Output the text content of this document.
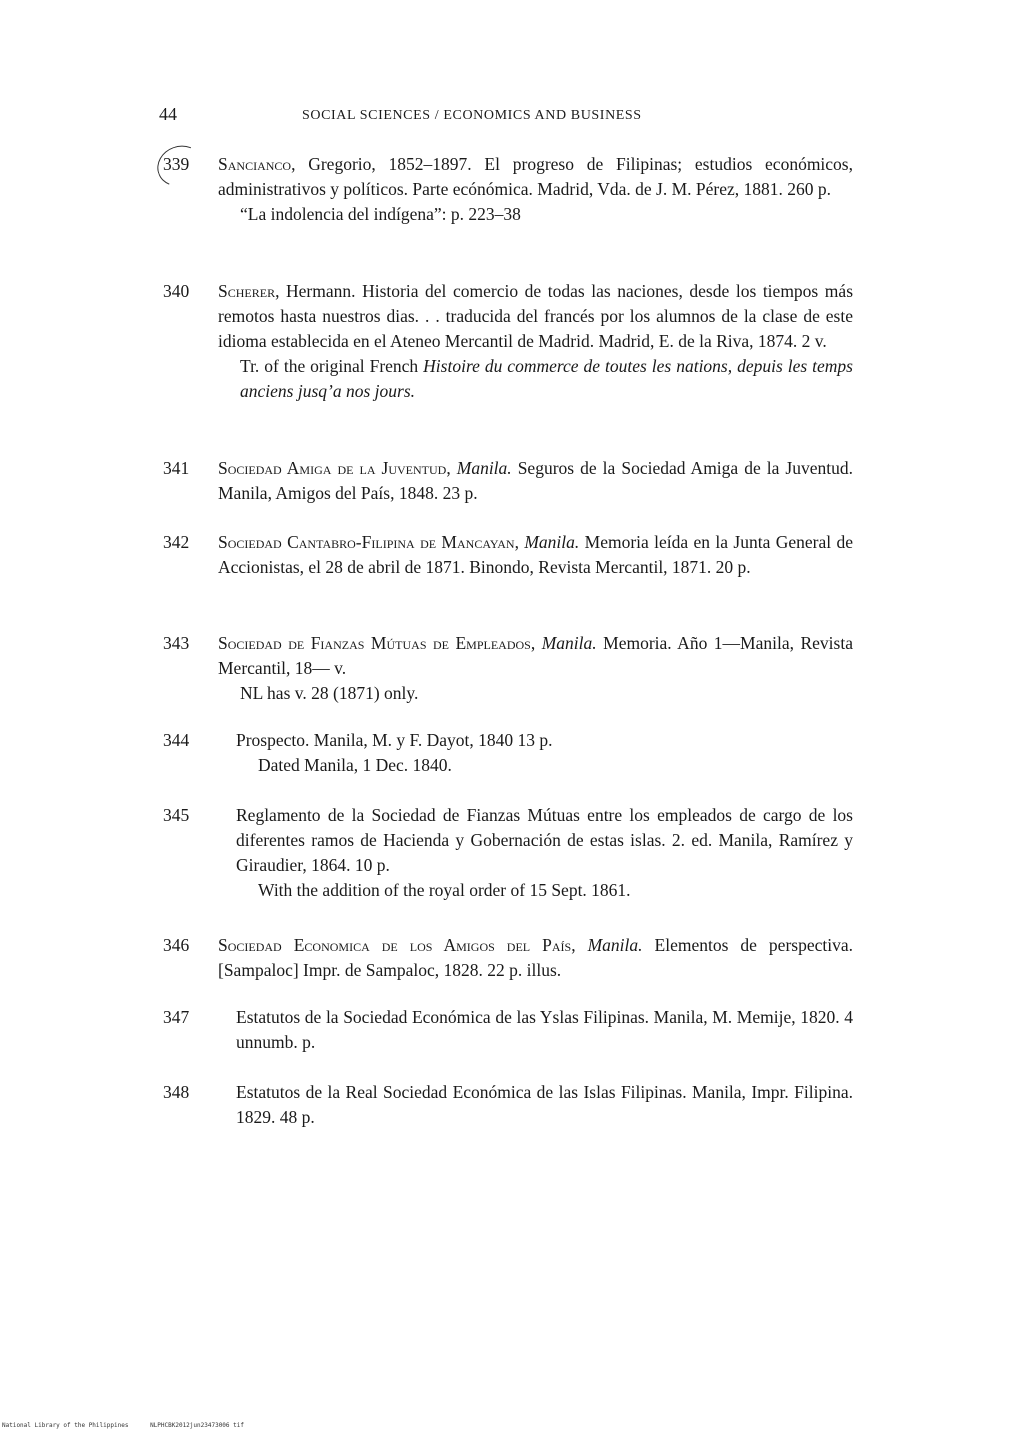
44	SOCIAL SCIENCES / ECONOMICS AND BUSINESS
339	Sancianco, Gregorio, 1852–1897. El progreso de Filipinas; estudios económicos, administrativos y políticos. Parte ecónómica. Madrid, Vda. de J. M. Pérez, 1881. 260 p.

“La indolencia del indígena”: p. 223–38

340	Scherer, Hermann. Historia del comercio de todas las naciones, desde los tiempos más remotos hasta nuestros dias. . . traducida del francés por los alumnos de la clase de este idioma establecida en el Ateneo Mercantil de Madrid. Madrid, E. de la Riva, 1874. 2 v.

Tr. of the original French Histoire du commerce de toutes les nations, depuis les temps anciens jusq’a nos jours.

341	Sociedad Amiga de la Juventud, Manila. Seguros de la Sociedad Amiga de la Juventud. Manila, Amigos del País, 1848. 23 p.

342	Sociedad Cantabro-Filipina de Mancayan, Manila. Memoria leída en la Junta General de Accionistas, el 28 de abril de 1871. Binondo, Revista Mercantil, 1871. 20 p.

343	Sociedad de Fianzas Mútuas de Empleados, Manila. Memoria. Año 1—Manila, Revista Mercantil, 18— v.

NL has v. 28 (1871) only.

344	Prospecto. Manila, M. y F. Dayot, 1840 13 p.

Dated Manila, 1 Dec. 1840.

345	Reglamento de la Sociedad de Fianzas Mútuas entre los empleados de cargo de los diferentes ramos de Hacienda y Gobernación de estas islas. 2. ed. Manila, Ramírez y Giraudier, 1864. 10 p.

With the addition of the royal order of 15 Sept. 1861.

346	Sociedad Economica de los Amigos del País, Manila. Elementos de perspectiva. [Sampaloc] Impr. de Sampaloc, 1828. 22 p. illus.

347	Estatutos de la Sociedad Económica de las Yslas Filipinas. Manila, M. Memije, 1820. 4 unnumb. p.

348	Estatutos de la Real Sociedad Económica de las Islas Filipinas. Manila, Impr. Filipina. 1829. 48 p.

National Library of the Philippines	NLPHCBK2012jun23473006 tif
